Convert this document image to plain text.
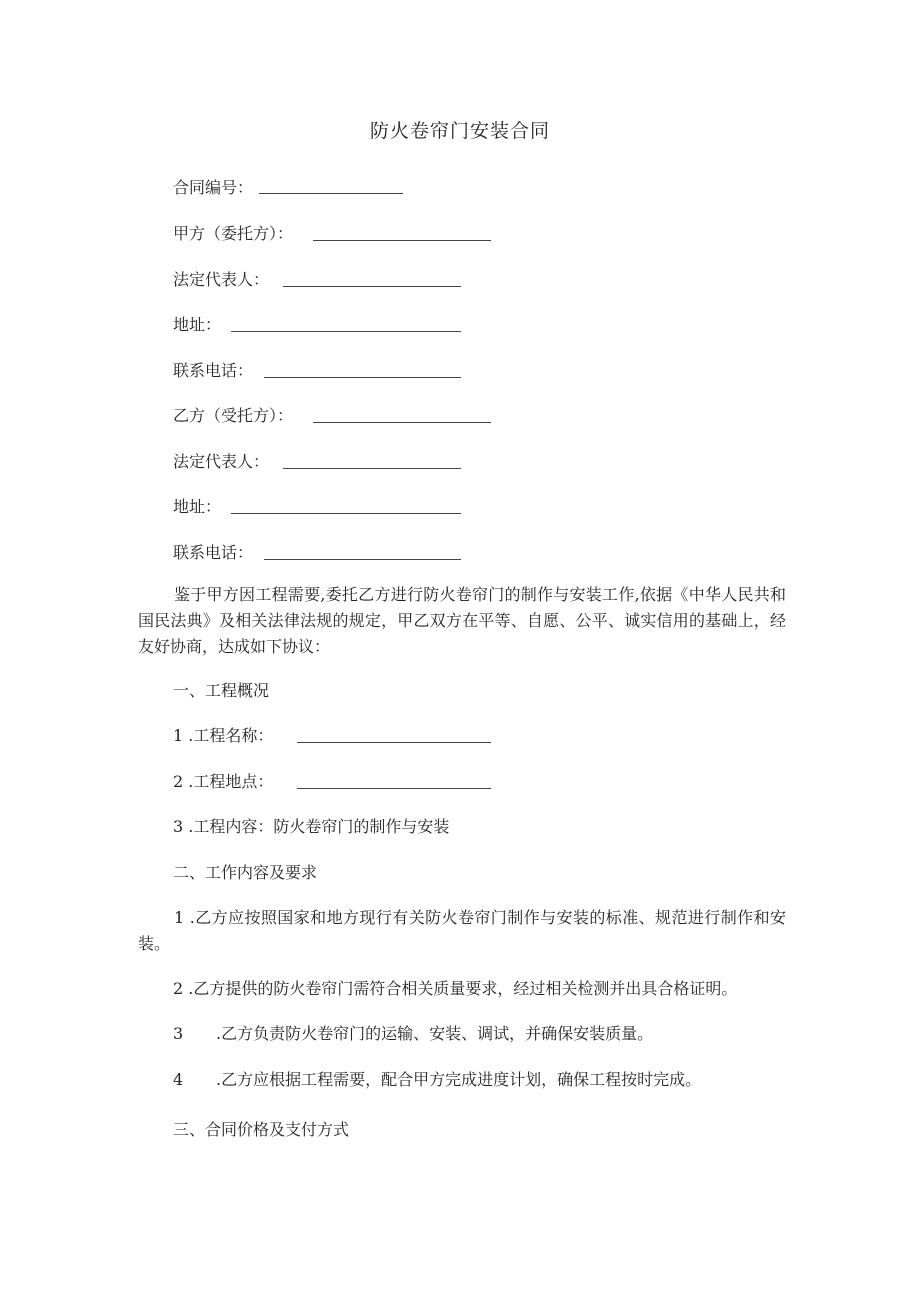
防火卷帘门安装合同
合同编号：
甲方（委托方）：
法定代表人：
地址：
联系电话：
乙方（受托方）：
法定代表人：
地址：
联系电话：
鉴于甲方因工程需要,委托乙方进行防火卷帘门的制作与安装工作,依据《中华人民共和国民法典》及相关法律法规的规定，甲乙双方在平等、自愿、公平、诚实信用的基础上，经友好协商，达成如下协议：
一、工程概况
1 .工程名称：
2 .工程地点：
3 .工程内容：防火卷帘门的制作与安装
二、工作内容及要求
1 .乙方应按照国家和地方现行有关防火卷帘门制作与安装的标准、规范进行制作和安装。
2 .乙方提供的防火卷帘门需符合相关质量要求，经过相关检测并出具合格证明。
3 .乙方负责防火卷帘门的运输、安装、调试，并确保安装质量。
4 .乙方应根据工程需要，配合甲方完成进度计划，确保工程按时完成。
三、合同价格及支付方式
